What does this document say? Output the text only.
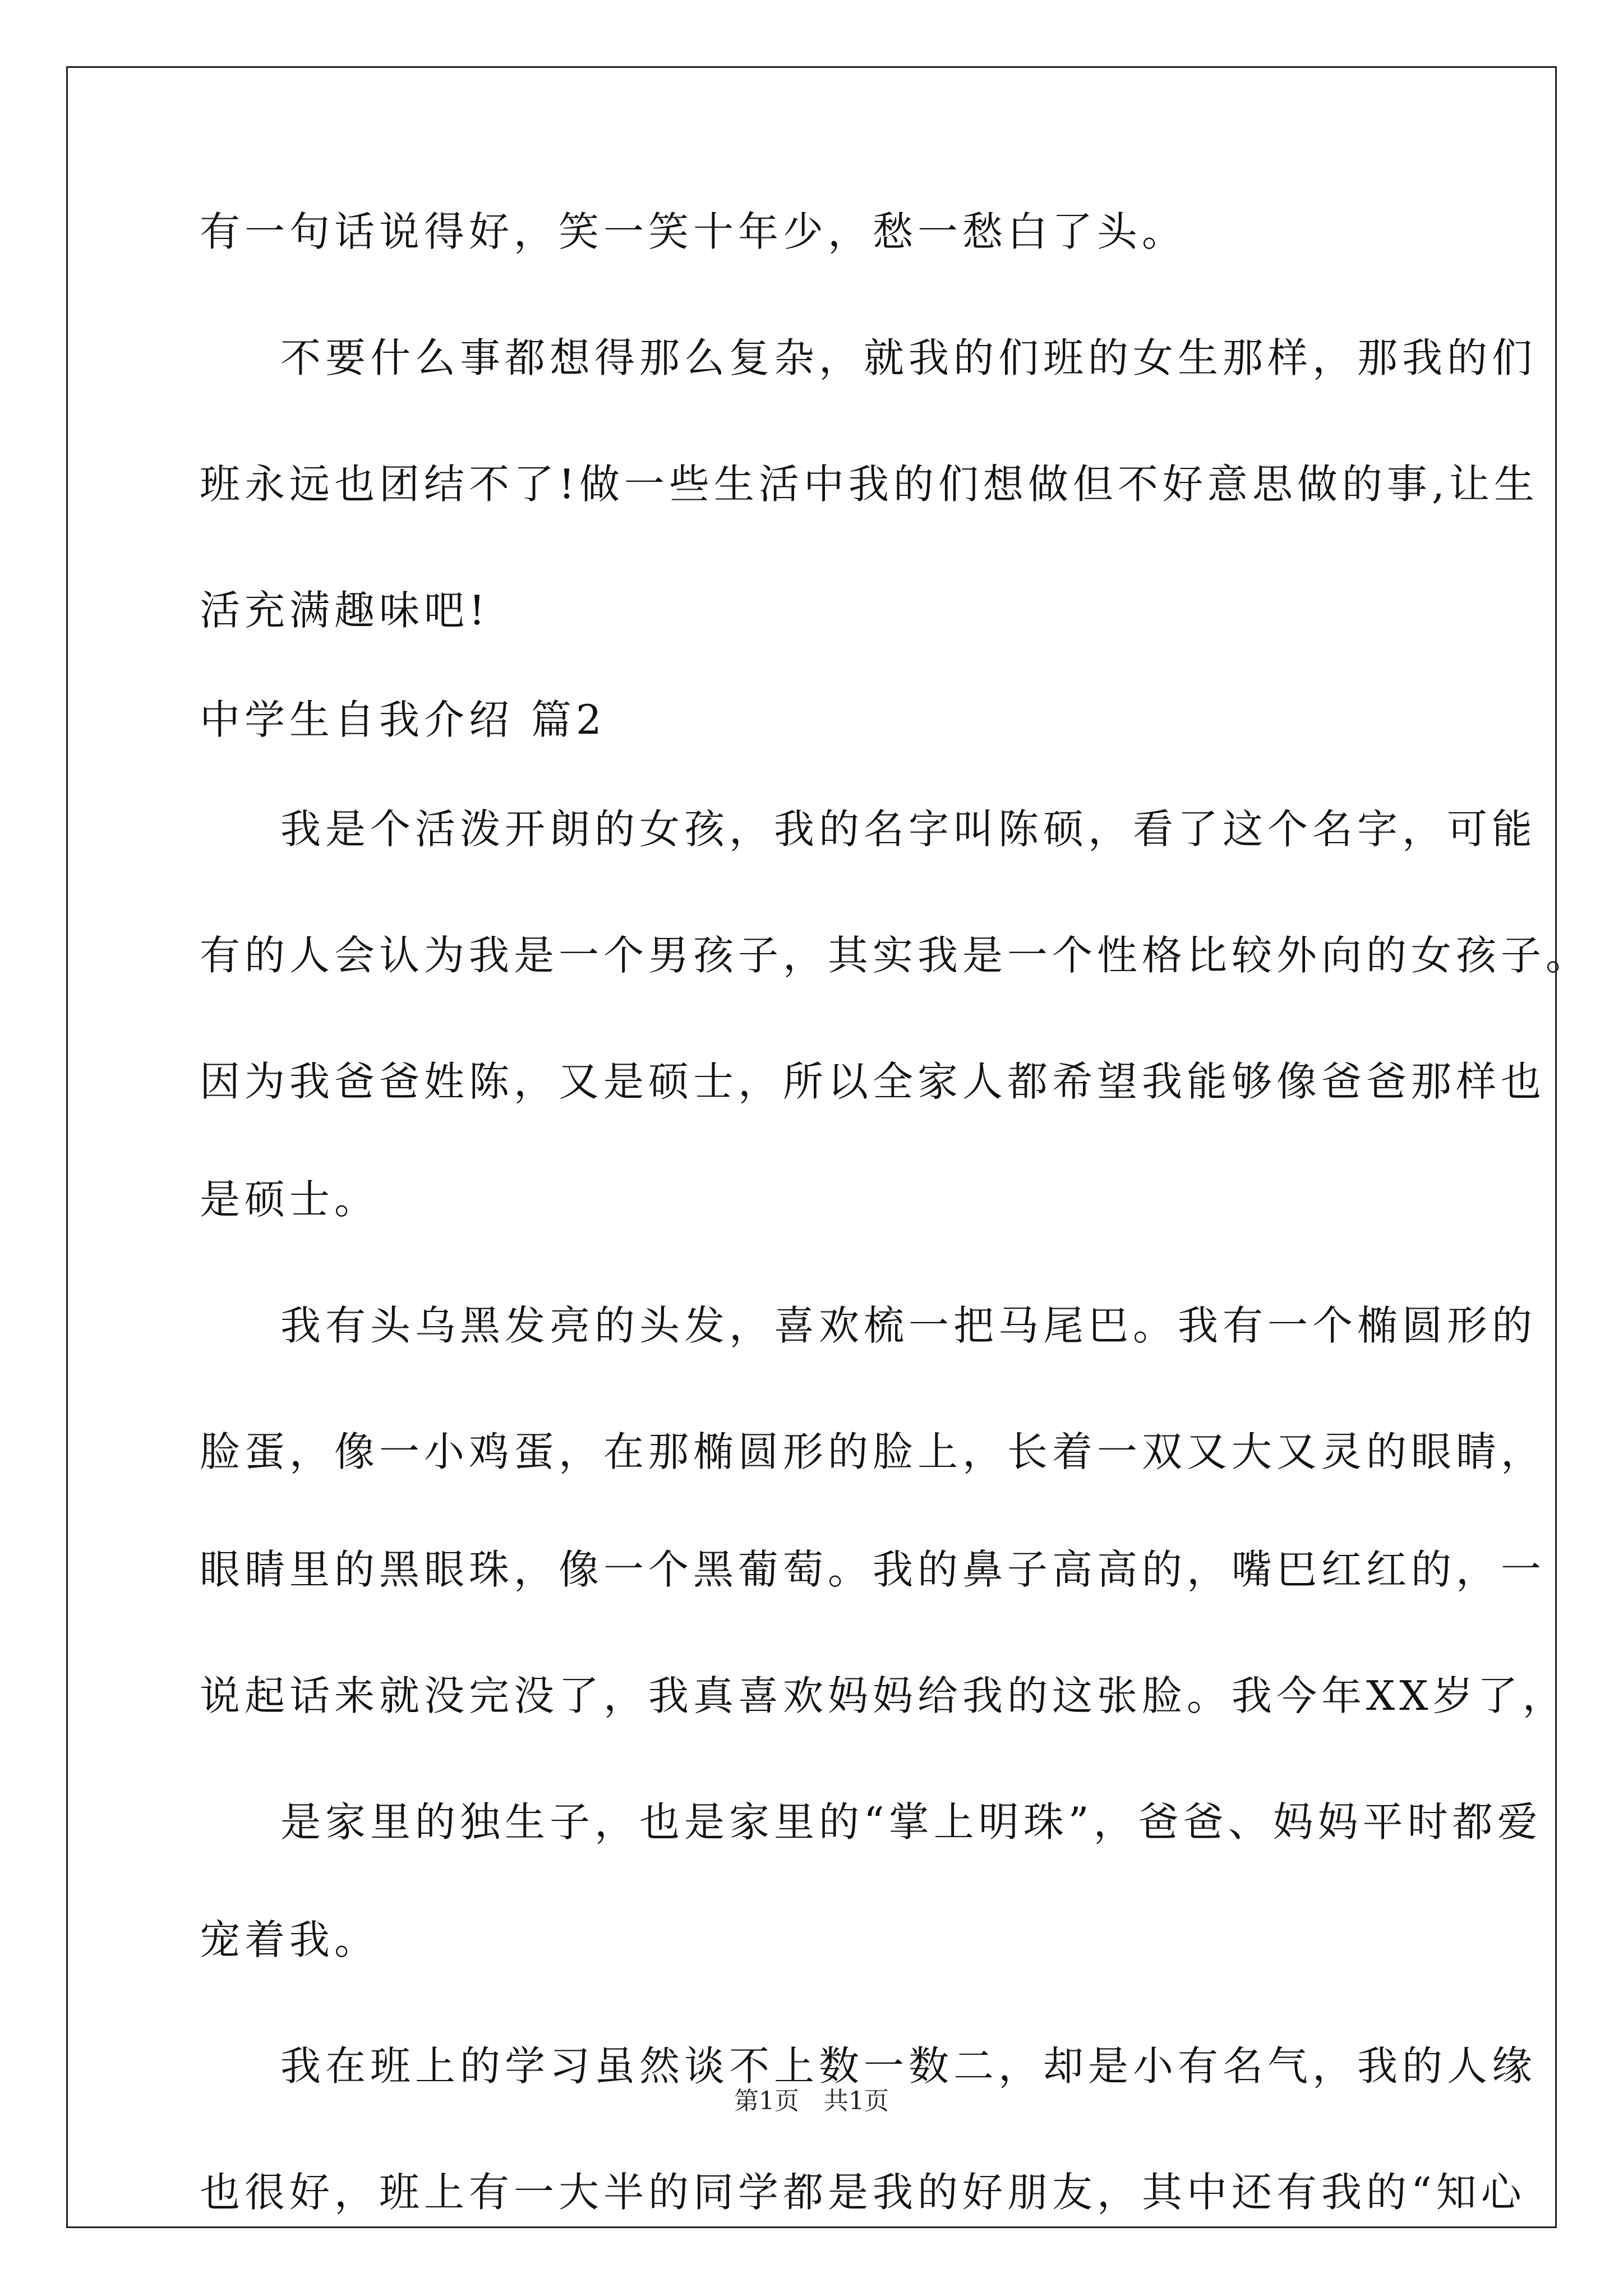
有一句话说得好，笑一笑十年少，愁一愁白了头。
不要什么事都想得那么复杂，就我的们班的女生那样，那我的们
班永远也团结不了!做一些生活中我的们想做但不好意思做的事,让生
活充满趣味吧!
中学生自我介绍 篇2
我是个活泼开朗的女孩，我的名字叫陈硕，看了这个名字，可能
有的人会认为我是一个男孩子，其实我是一个性格比较外向的女孩子。
因为我爸爸姓陈，又是硕士，所以全家人都希望我能够像爸爸那样也
是硕士。
我有头乌黑发亮的头发，喜欢梳一把马尾巴。我有一个椭圆形的
脸蛋，像一小鸡蛋，在那椭圆形的脸上，长着一双又大又灵的眼睛，
眼睛里的黑眼珠，像一个黑葡萄。我的鼻子高高的，嘴巴红红的，一
说起话来就没完没了，我真喜欢妈妈给我的这张脸。我今年XX岁了，
是家里的独生子，也是家里的“掌上明珠”，爸爸、妈妈平时都爱
宠着我。
我在班上的学习虽然谈不上数一数二，却是小有名气，我的人缘
也很好，班上有一大半的同学都是我的好朋友，其中还有我的“知心
第1页　共1页
